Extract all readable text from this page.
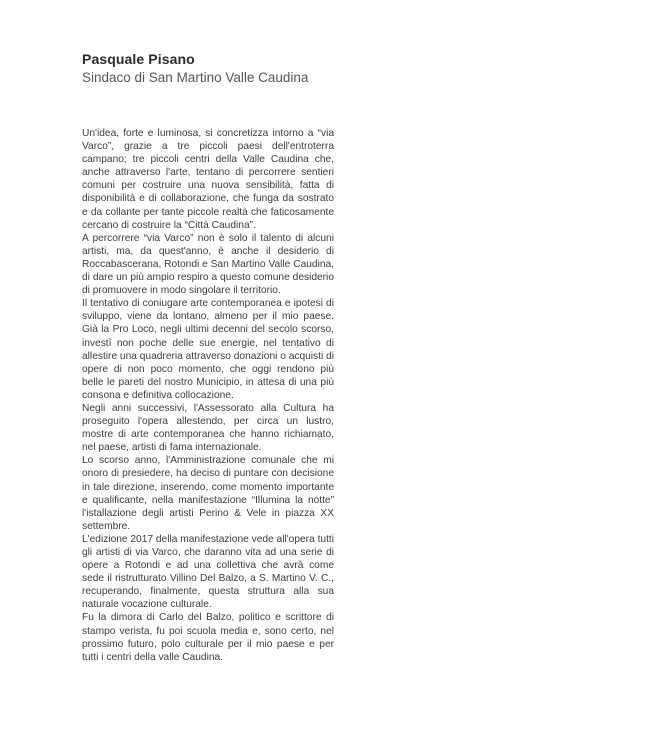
Pasquale Pisano
Sindaco di San Martino Valle Caudina

Un'idea, forte e luminosa, si concretizza intorno a “via Varco”, grazie a tre piccoli paesi dell'entroterra campano; tre piccoli centri della Valle Caudina che, anche attraverso l'arte, tentano di percorrere sentieri comuni per costruire una nuova sensibilità, fatta di disponibilità e di collaborazione, che funga da sostrato e da collante per tante piccole realtà che faticosamente cercano di costruire la “Città Caudina”.

A percorrere “via Varco” non è solo il talento di alcuni artisti, ma, da quest'anno, è anche il desiderio di Roccabascerana, Rotondi e San Martino Valle Caudina, di dare un più ampio respiro a questo comune desiderio di promuovere in modo singolare il territorio.

Il tentativo di coniugare arte contemporanea e ipotesi di sviluppo, viene da lontano, almeno per il mio paese. Già la Pro Loco, negli ultimi decenni del secolo scorso, investì non poche delle sue energie, nel tentativo di allestire una quadreria attraverso donazioni o acquisti di opere di non poco momento, che oggi rendono più belle le pareti del nostro Municipio, in attesa di una più consona e definitiva collocazione.

Negli anni successivi, l'Assessorato alla Cultura ha proseguito l'opera allestendo, per circa un lustro, mostre di arte contemporanea che hanno richiamato, nel paese, artisti di fama internazionale.

Lo scorso anno, l'Amministrazione comunale che mi onoro di presiedere, ha deciso di puntare con decisione in tale direzione, inserendo, come momento importante e qualificante, nella manifestazione “Illumina la notte” l'istallazione degli artisti Perino & Vele in piazza XX settembre.

L'edizione 2017 della manifestazione vede all'opera tutti gli artisti di via Varco, che daranno vita ad una serie di opere a Rotondi e ad una collettiva che avrà come sede il ristrutturato Villino Del Balzo, a S. Martino V. C., recuperando, finalmente, questa struttura alla sua naturale vocazione culturale.

Fu la dimora di Carlo del Balzo, politico e scrittore di stampo verista, fu poi scuola media e, sono certo, nel prossimo futuro, polo culturale per il mio paese e per tutti i centri della valle Caudina.
